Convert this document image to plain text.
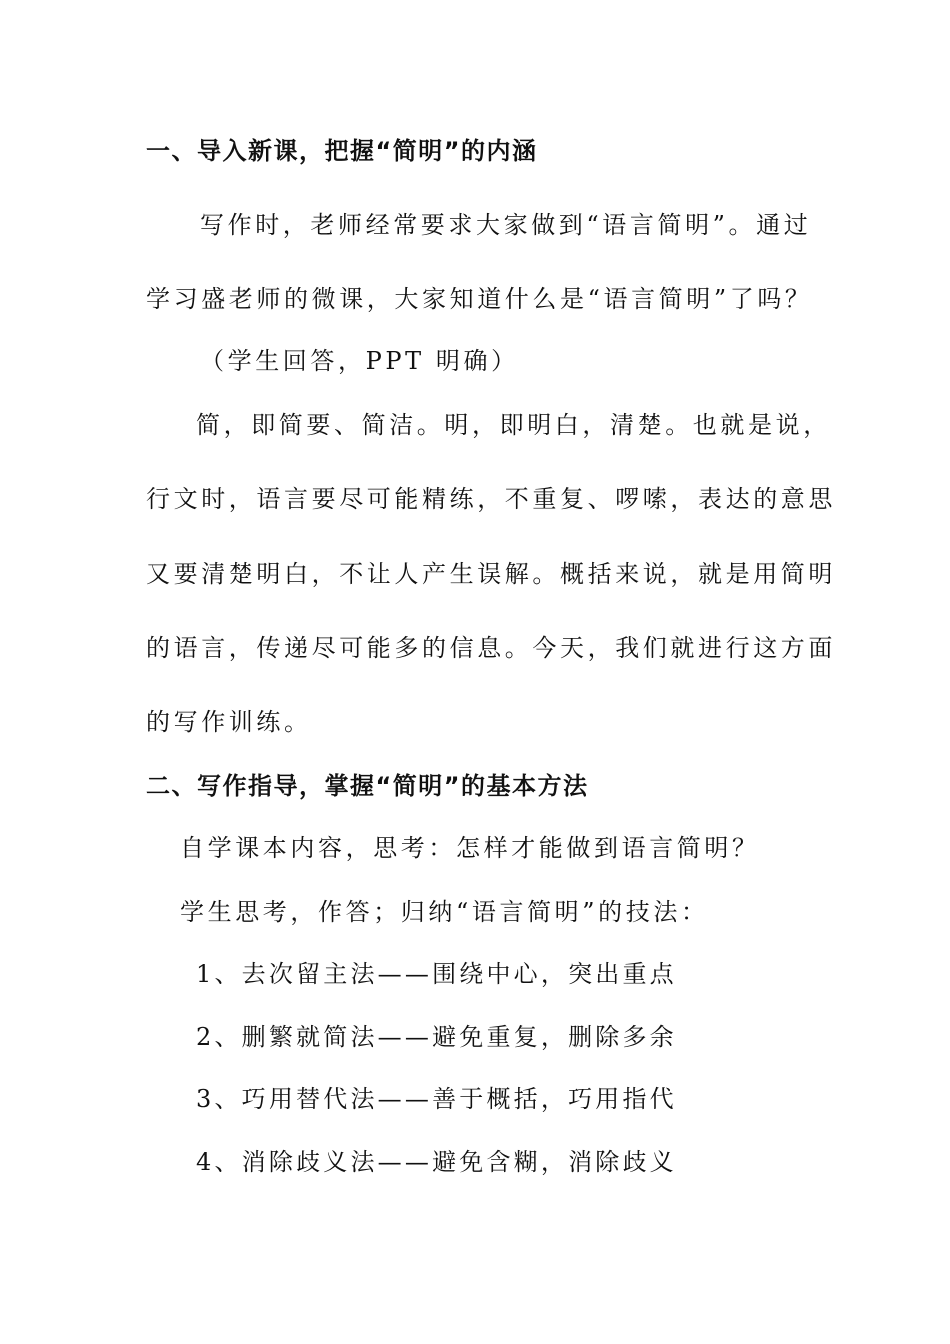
一、导入新课，把握“简明”的内涵
写作时，老师经常要求大家做到“语言简明”。通过
学习盛老师的微课，大家知道什么是“语言简明”了吗？
（学生回答，PPT 明确）
简，即简要、简洁。明，即明白，清楚。也就是说，
行文时，语言要尽可能精练，不重复、啰嗦，表达的意思
又要清楚明白，不让人产生误解。概括来说，就是用简明
的语言，传递尽可能多的信息。今天，我们就进行这方面
的写作训练。
二、写作指导，掌握“简明”的基本方法
自学课本内容，思考：怎样才能做到语言简明？
学生思考，作答；归纳“语言简明”的技法：
1、去次留主法——围绕中心，突出重点
2、删繁就简法——避免重复，删除多余
3、巧用替代法——善于概括，巧用指代
4、消除歧义法——避免含糊，消除歧义
